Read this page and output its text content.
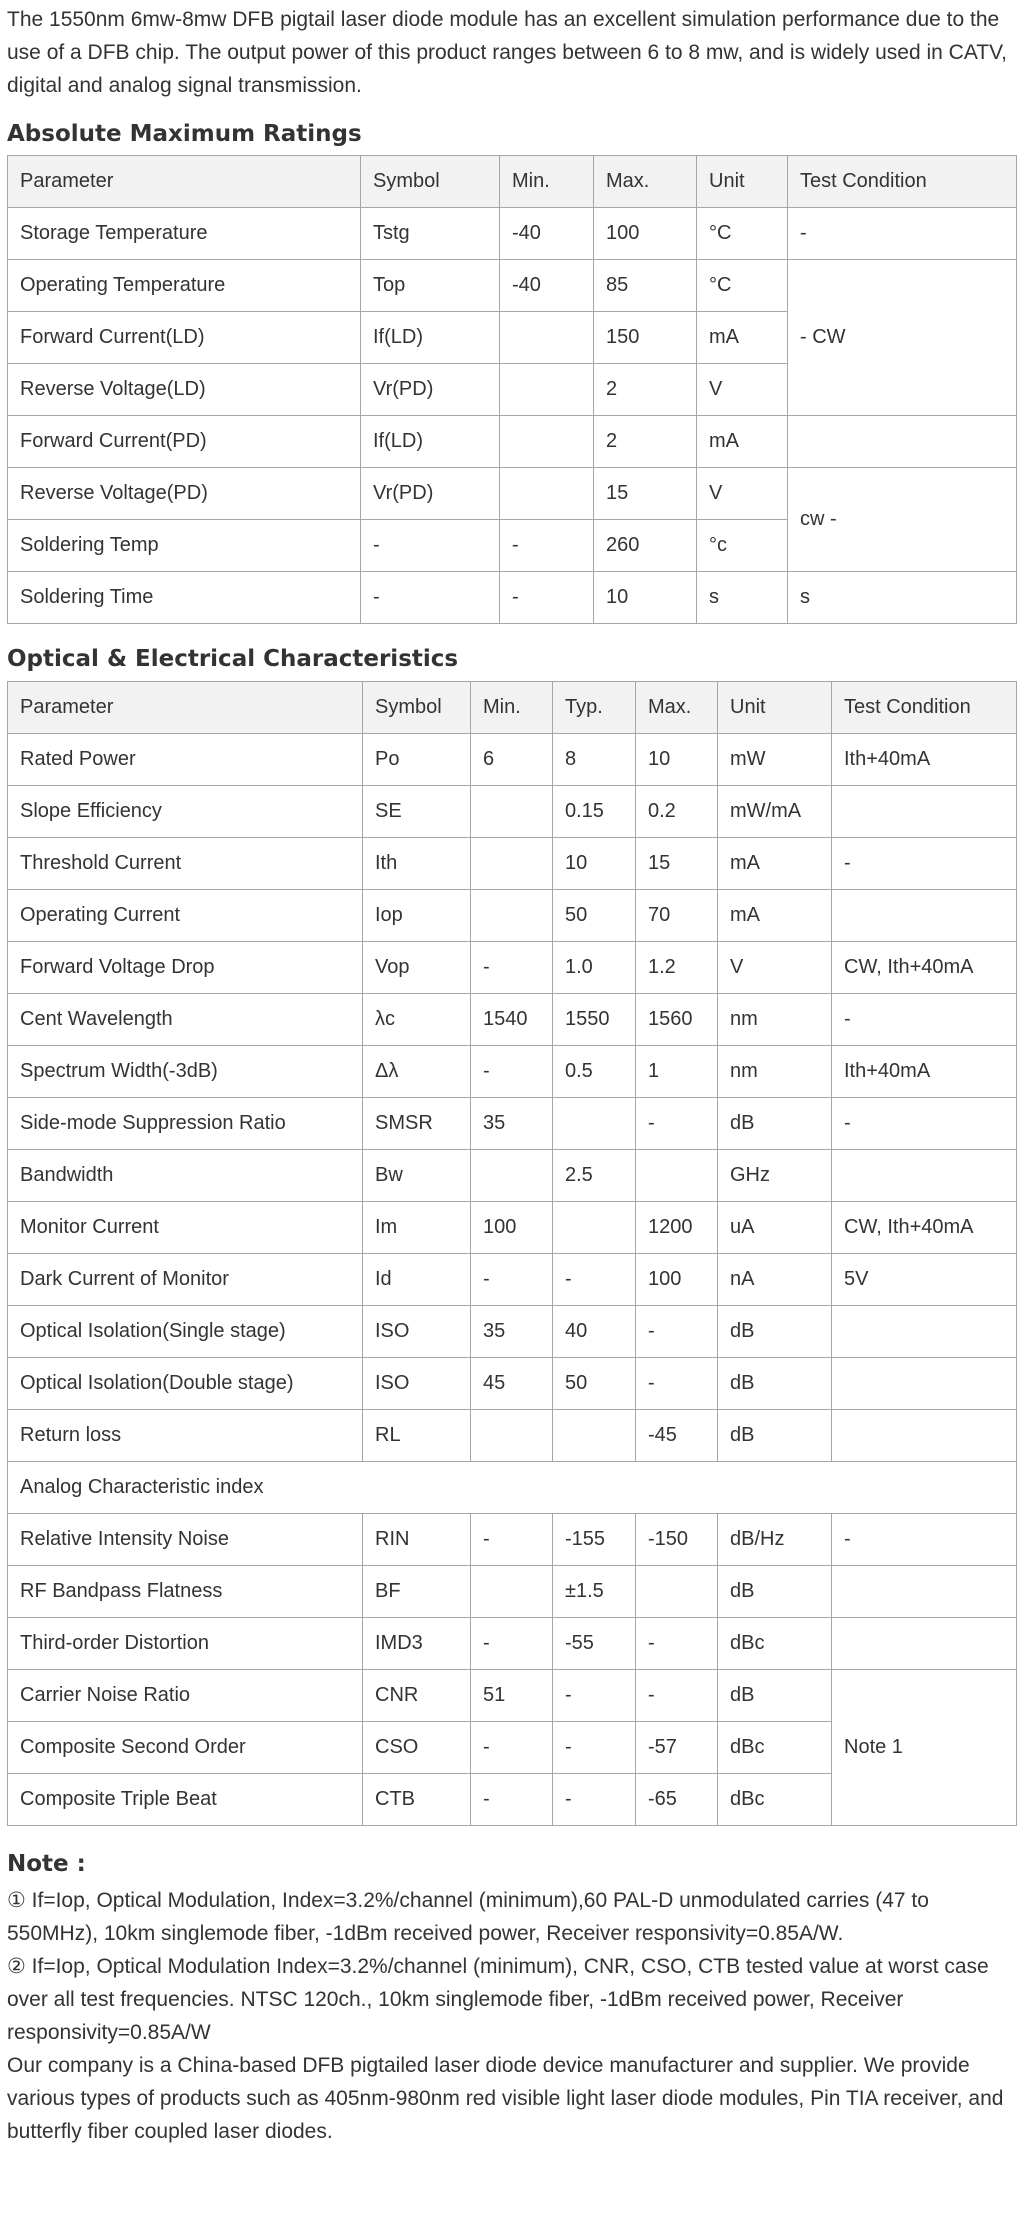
The 1550nm 6mw-8mw DFB pigtail laser diode module has an excellent simulation performance due to the use of a DFB chip. The output power of this product ranges between 6 to 8 mw, and is widely used in CATV, digital and analog signal transmission.

Absolute Maximum Ratings
Parameter	Symbol	Min.	Max.	Unit	Test Condition
Storage Temperature	Tstg	-40	100	°C	-
Operating Temperature	Top	-40	85	°C	- CW
Forward Current(LD)	If(LD)		150	mA	
Reverse Voltage(LD)	Vr(PD)		2	V	
Forward Current(PD)	If(LD)		2	mA	
Reverse Voltage(PD)	Vr(PD)		15	V	cw -
Soldering Temp	-	-	260	°c	
Soldering Time	-	-	10	s	s
Optical & Electrical Characteristics
Parameter	Symbol	Min.	Typ.	Max.	Unit	Test Condition
Rated Power	Po	6	8	10	mW	Ith+40mA
Slope Efficiency	SE		0.15	0.2	mW/mA	
Threshold Current	Ith		10	15	mA	-
Operating Current	Iop		50	70	mA	
Forward Voltage Drop	Vop	-	1.0	1.2	V	CW, Ith+40mA
Cent Wavelength	λc	1540	1550	1560	nm	-
Spectrum Width(-3dB)	Δλ	-	0.5	1	nm	Ith+40mA
Side-mode Suppression Ratio	SMSR	35		-	dB	-
Bandwidth	Bw		2.5		GHz	
Monitor Current	Im	100		1200	uA	CW, Ith+40mA
Dark Current of Monitor	Id	-	-	100	nA	5V
Optical Isolation(Single stage)	ISO	35	40	-	dB	
Optical Isolation(Double stage)	ISO	45	50	-	dB	
Return loss	RL			-45	dB	
Analog Characteristic index						
Relative Intensity Noise	RIN	-	-155	-150	dB/Hz	-
RF Bandpass Flatness	BF		±1.5		dB	
Third-order Distortion	IMD3	-	-55	-	dBc	
Carrier Noise Ratio	CNR	51	-	-	dB	Note 1
Composite Second Order	CSO	-	-	-57	dBc	
Composite Triple Beat	CTB	-	-	-65	dBc	
Note :

① If=Iop, Optical Modulation, Index=3.2%/channel (minimum),60 PAL-D unmodulated carries (47 to 550MHz), 10km singlemode fiber, -1dBm received power, Receiver responsivity=0.85A/W.

② If=Iop, Optical Modulation Index=3.2%/channel (minimum), CNR, CSO, CTB tested value at worst case over all test frequencies. NTSC 120ch., 10km singlemode fiber, -1dBm received power, Receiver responsivity=0.85A/W

Our company is a China-based DFB pigtailed laser diode device manufacturer and supplier. We provide various types of products such as 405nm-980nm red visible light laser diode modules, Pin TIA receiver, and butterfly fiber coupled laser diodes.
